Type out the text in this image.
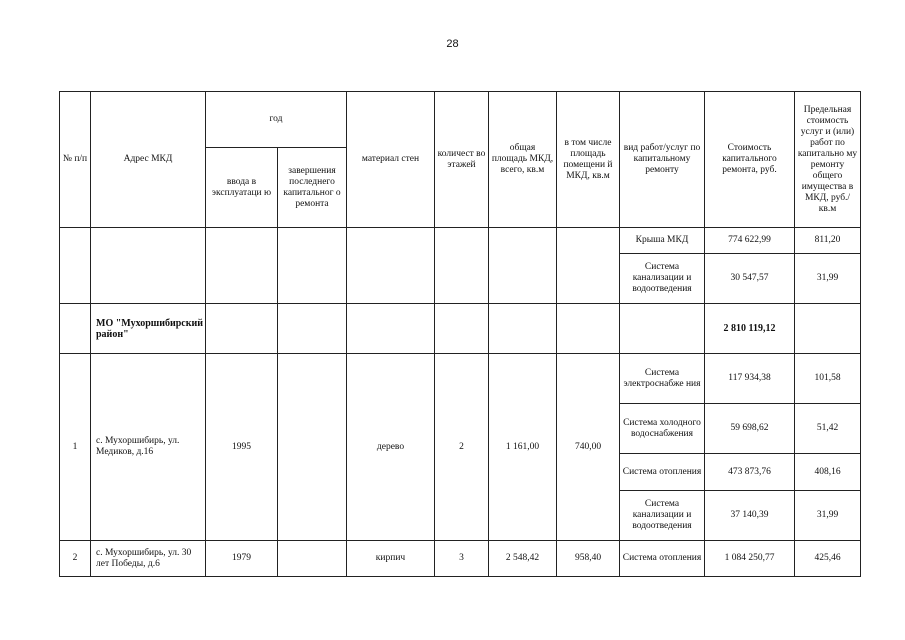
28
№ п/п	Адрес МКД	год		материал стен	количест во этажей	общая площадь МКД, всего, кв.м	в том числе площадь помещени й МКД, кв.м	вид работ/услуг по капитальному ремонту	Стоимость капитального ремонта, руб.	Предельная стоимость услуг и (или) работ по капитально му ремонту общего имущества в МКД, руб./кв.м
		ввода в эксплуатаци ю	завершения последнего капитальног о ремонта							
								Крыша МКД	774 622,99	811,20
								Система канализации и водоотведения	30 547,57	31,99
	МО "Мухоршибирский район"								2 810 119,12	
1	с. Мухоршибирь, ул. Медиков, д.16	1995		дерево	2	1 161,00	740,00	Система электроснабже ния	117 934,38	101,58
								Система холодного водоснабжения	59 698,62	51,42
								Система отопления	473 873,76	408,16
								Система канализации и водоотведения	37 140,39	31,99
2	с. Мухоршибирь, ул. 30 лет Победы, д.6	1979		кирпич	3	2 548,42	958,40	Система отопления	1 084 250,77	425,46
